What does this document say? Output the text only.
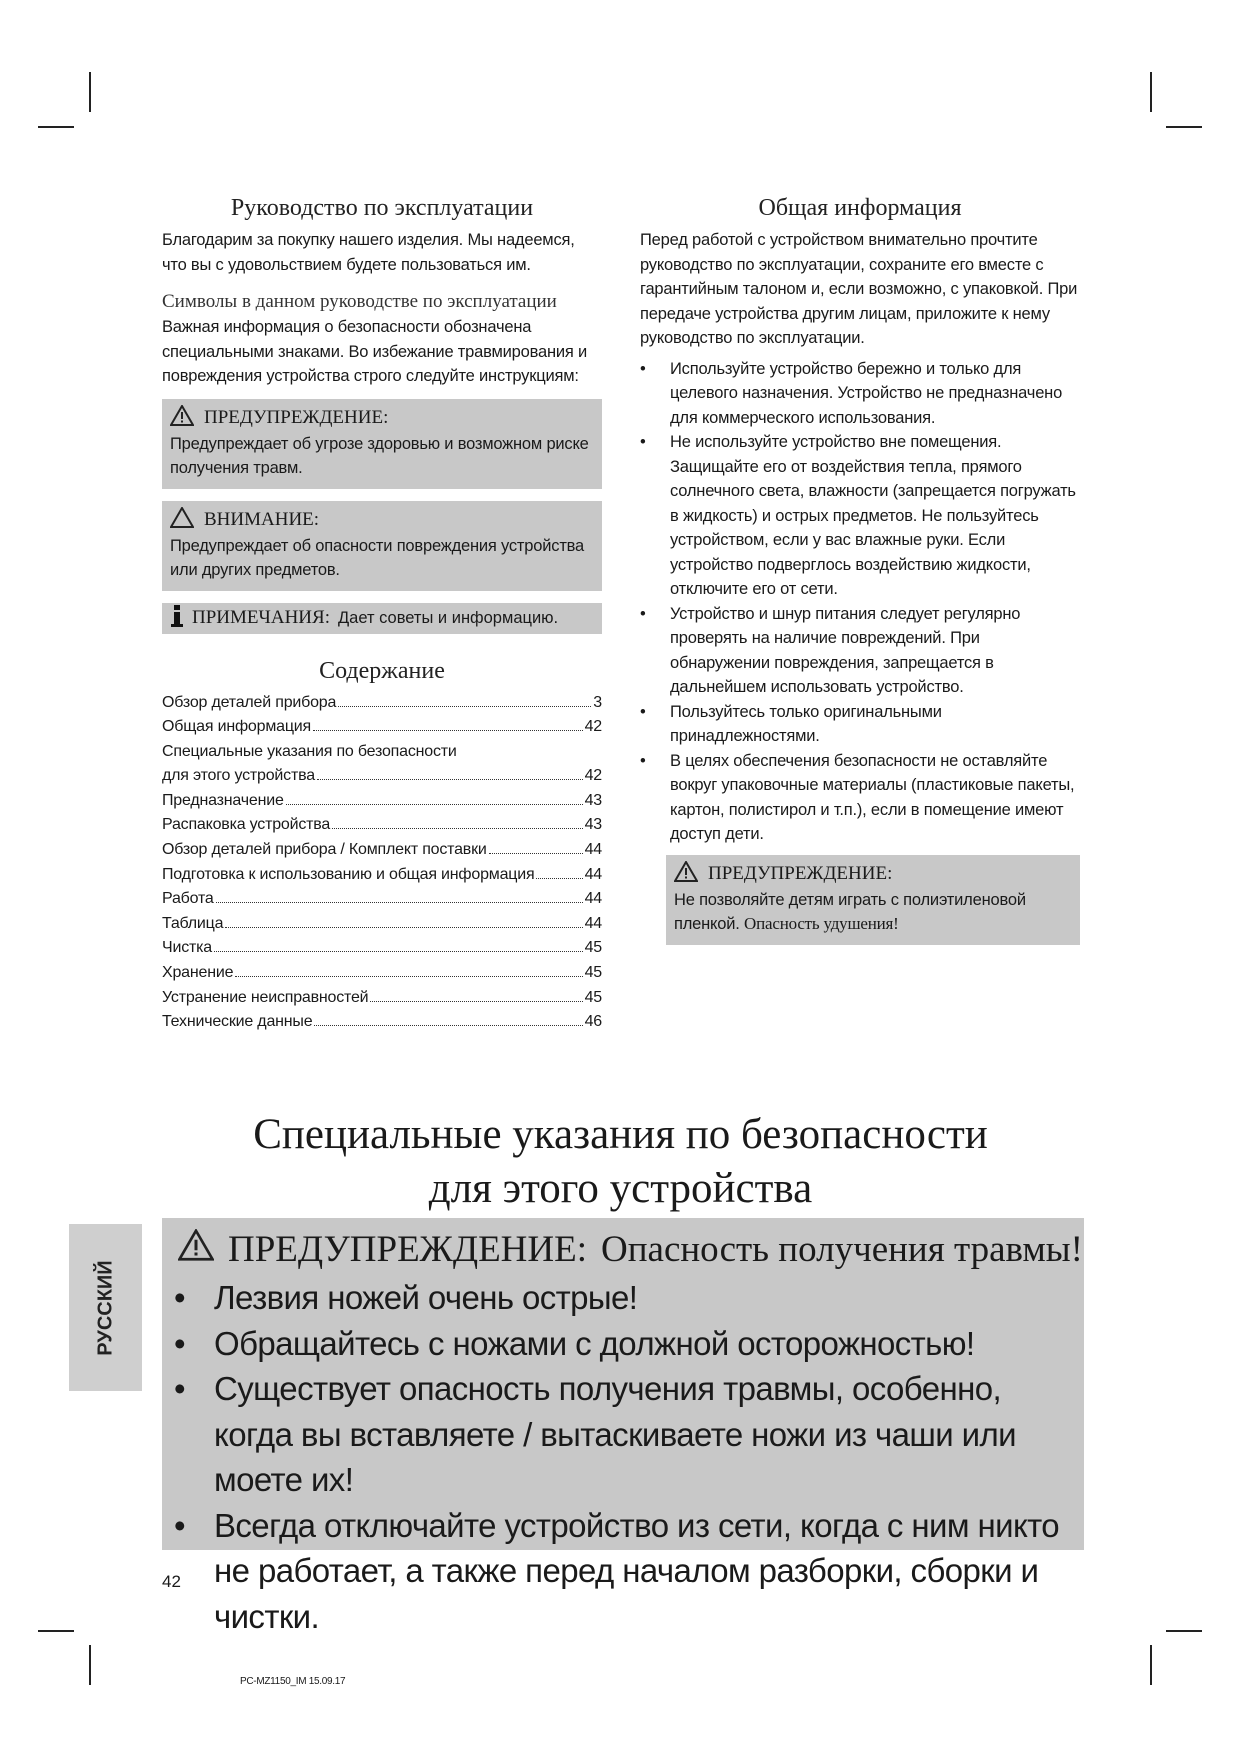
Руководство по эксплуатации
Благодарим за покупку нашего изделия. Мы надеемся, что вы с удовольствием будете пользоваться им.
Символы в данном руководстве по эксплуатации
Важная информация о безопасности обозначена специальными знаками. Во избежание травмирования и повреждения устройства строго следуйте инструкциям:
ПРЕДУПРЕЖДЕНИЕ:
Предупреждает об угрозе здоровью и возможном риске получения травм.
ВНИМАНИЕ:
Предупреждает об опасности повреждения устройства или других предметов.
ПРИМЕЧАНИЯ: Дает советы и информацию.
Содержание
Обзор деталей прибора	3
Общая информация	42
Специальные указания по безопасности
для этого устройства	42
Предназначение	43
Распаковка устройства	43
Обзор деталей прибора / Комплект поставки	44
Подготовка к использованию и общая информация	44
Работа	44
Таблица	44
Чистка	45
Хранение	45
Устранение неисправностей	45
Технические данные	46
Общая информация
Перед работой с устройством внимательно прочтите руководство по эксплуатации, сохраните его вместе с гарантийным талоном и, если возможно, с упаковкой. При передаче устройства другим лицам, приложите к нему руководство по эксплуатации.
• Используйте устройство бережно и только для целевого назначения. Устройство не предназначено для коммерческого использования.
• Не используйте устройство вне помещения. Защищайте его от воздействия тепла, прямого солнечного света, влажности (запрещается погружать в жидкость) и острых предметов. Не пользуйтесь устройством, если у вас влажные руки. Если устройство подверглось воздействию жидкости, отключите его от сети.
• Устройство и шнур питания следует регулярно проверять на наличие повреждений. При обнаружении повреждения, запрещается в дальнейшем использовать устройство.
• Пользуйтесь только оригинальными принадлежностями.
• В целях обеспечения безопасности не оставляйте вокруг упаковочные материалы (пластиковые пакеты, картон, полистирол и т.п.), если в помещение имеют доступ дети.
ПРЕДУПРЕЖДЕНИЕ:
Не позволяйте детям играть с полиэтиленовой пленкой. Опасность удушения!
Специальные указания по безопасности
для этого устройства
ПРЕДУПРЕЖДЕНИЕ: Опасность получения травмы!
• Лезвия ножей очень острые!
• Обращайтесь с ножами с должной осторожностью!
• Существует опасность получения травмы, особенно, когда вы вставляете / вытаскиваете ножи из чаши или моете их!
• Всегда отключайте устройство из сети, когда с ним никто не работает, а также перед началом разборки, сборки и чистки.
РУССКИЙ
42
PC-MZ1150_IM 15.09.17
